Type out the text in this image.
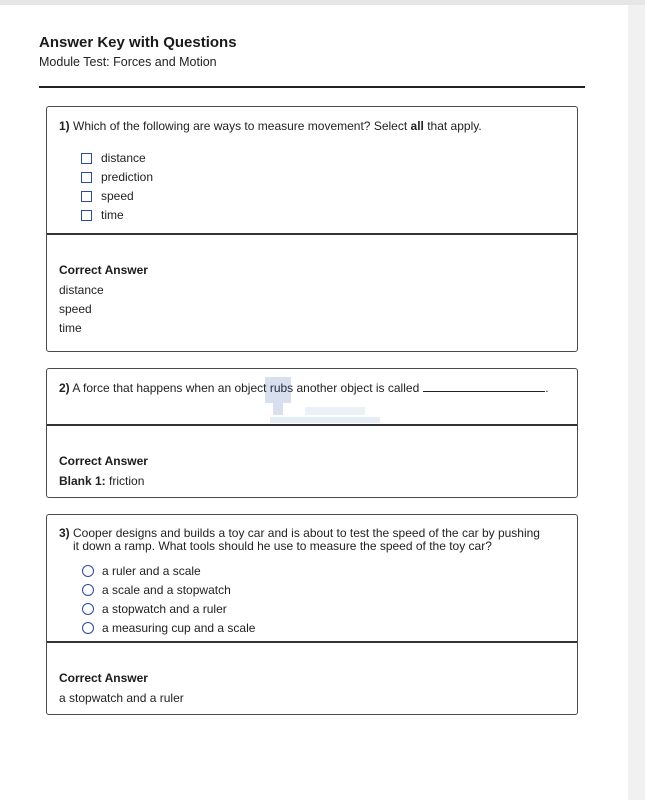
Answer Key with Questions
Module Test: Forces and Motion
1) Which of the following are ways to measure movement? Select all that apply.
distance
prediction
speed
time
Correct Answer
distance
speed
time
2) A force that happens when an object rubs another object is called	.
Correct Answer
Blank 1: friction
3) Cooper designs and builds a toy car and is about to test the speed of the car by pushing
it down a ramp. What tools should he use to measure the speed of the toy car?
a ruler and a scale
a scale and a stopwatch
a stopwatch and a ruler
a measuring cup and a scale
Correct Answer
a stopwatch and a ruler
